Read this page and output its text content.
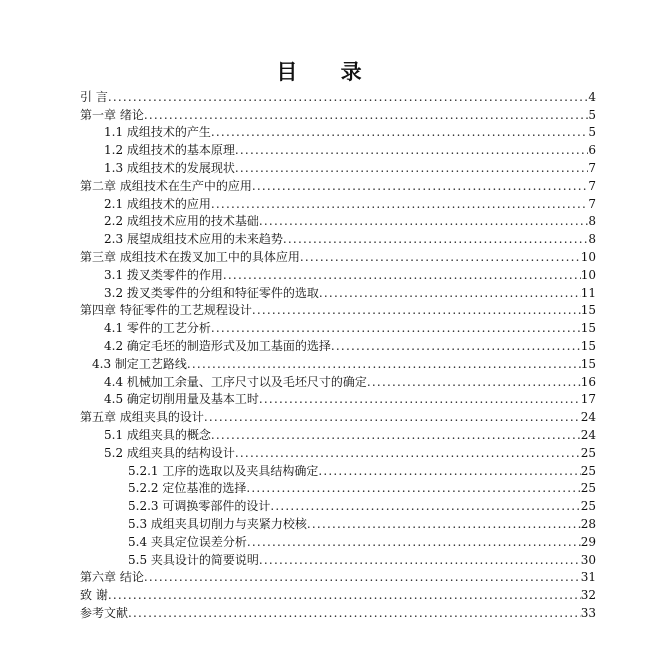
目 录
引 言 .....	4
第一章 绪论 .....	5
1.1 成组技术的产生 .....	5
1.2 成组技术的基本原理 .....	6
1.3 成组技术的发展现状 .....	7
第二章 成组技术在生产中的应用 .....	7
2.1 成组技术的应用 .....	7
2.2 成组技术应用的技术基础 .....	8
2.3 展望成组技术应用的未来趋势 .....	8
第三章 成组技术在拨叉加工中的具体应用 .....	10
3.1 拨叉类零件的作用 .....	10
3.2 拨叉类零件的分组和特征零件的选取 .....	11
第四章 特征零件的工艺规程设计 .....	15
4.1 零件的工艺分析 .....	15
4.2 确定毛坯的制造形式及加工基面的选择 .....	15
4.3 制定工艺路线 .....	15
4.4 机械加工余量、工序尺寸以及毛坯尺寸的确定 .....	16
4.5 确定切削用量及基本工时 .....	17
第五章 成组夹具的设计 .....	24
5.1 成组夹具的概念 .....	24
5.2 成组夹具的结构设计 .....	25
5.2.1 工序的选取以及夹具结构确定 .....	25
5.2.2 定位基准的选择 .....	25
5.2.3 可调换零部件的设计 .....	25
5.3 成组夹具切削力与夹紧力校核 .....	28
5.4 夹具定位误差分析 .....	29
5.5 夹具设计的简要说明 .....	30
第六章 结论 .....	31
致 谢 .....	32
参考文献 .....	33
